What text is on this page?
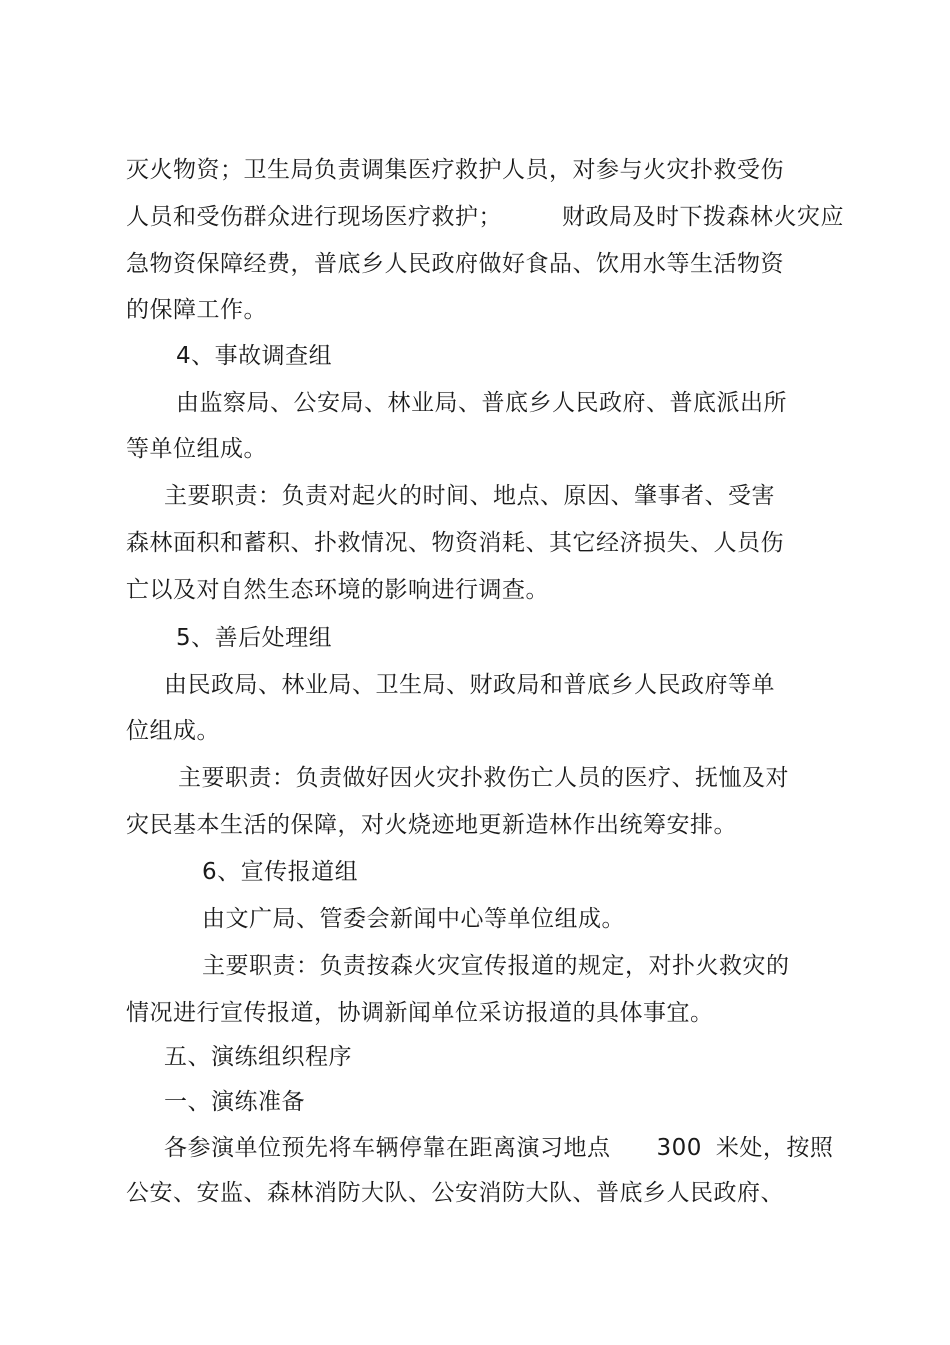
灭火物资；卫生局负责调集医疗救护人员，对参与火灾扑救受伤
人员和受伤群众进行现场医疗救护；	财政局及时下拨森林火灾应
急物资保障经费，普底乡人民政府做好食品、饮用水等生活物资
的保障工作。
4、事故调查组
由监察局、公安局、林业局、普底乡人民政府、普底派出所
等单位组成。
主要职责：负责对起火的时间、地点、原因、肇事者、受害
森林面积和蓄积、扑救情况、物资消耗、其它经济损失、人员伤
亡以及对自然生态环境的影响进行调查。
5、善后处理组
由民政局、林业局、卫生局、财政局和普底乡人民政府等单
位组成。
主要职责：负责做好因火灾扑救伤亡人员的医疗、抚恤及对
灾民基本生活的保障，对火烧迹地更新造林作出统筹安排。
6、宣传报道组
由文广局、管委会新闻中心等单位组成。
主要职责：负责按森火灾宣传报道的规定，对扑火救灾的
情况进行宣传报道，协调新闻单位采访报道的具体事宜。
五、演练组织程序
一、演练准备
各参演单位预先将车辆停靠在距离演习地点 300 米处，按照
公安、安监、森林消防大队、公安消防大队、普底乡人民政府、
